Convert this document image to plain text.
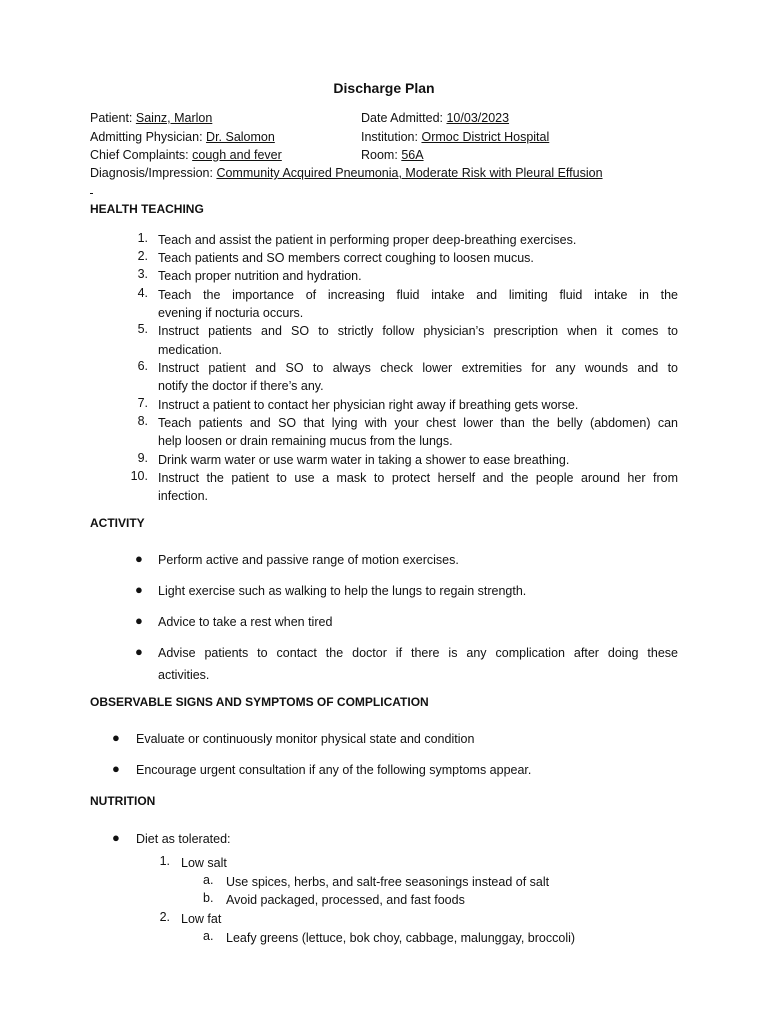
Discharge Plan
Patient: Sainz, Marlon	Date Admitted: 10/03/2023
Admitting Physician: Dr. Salomon	Institution: Ormoc District Hospital
Chief Complaints: cough and fever	Room: 56A
Diagnosis/Impression: Community Acquired Pneumonia, Moderate Risk with Pleural Effusion
HEALTH TEACHING
1. Teach and assist the patient in performing proper deep-breathing exercises.
2. Teach patients and SO members correct coughing to loosen mucus.
3. Teach proper nutrition and hydration.
4. Teach the importance of increasing fluid intake and limiting fluid intake in the
evening if nocturia occurs.
5. Instruct patients and SO to strictly follow physician’s prescription when it comes to
medication.
6. Instruct patient and SO to always check lower extremities for any wounds and to
notify the doctor if there’s any.
7. Instruct a patient to contact her physician right away if breathing gets worse.
8. Teach patients and SO that lying with your chest lower than the belly (abdomen) can
help loosen or drain remaining mucus from the lungs.
9. Drink warm water or use warm water in taking a shower to ease breathing.
10. Instruct the patient to use a mask to protect herself and the people around her from
infection.
ACTIVITY
● Perform active and passive range of motion exercises.
● Light exercise such as walking to help the lungs to regain strength.
● Advice to take a rest when tired
● Advise patients to contact the doctor if there is any complication after doing these
activities.
OBSERVABLE SIGNS AND SYMPTOMS OF COMPLICATION
● Evaluate or continuously monitor physical state and condition
● Encourage urgent consultation if any of the following symptoms appear.
NUTRITION
● Diet as tolerated:
1. Low salt
a. Use spices, herbs, and salt-free seasonings instead of salt
b. Avoid packaged, processed, and fast foods
2. Low fat
a. Leafy greens (lettuce, bok choy, cabbage, malunggay, broccoli)
